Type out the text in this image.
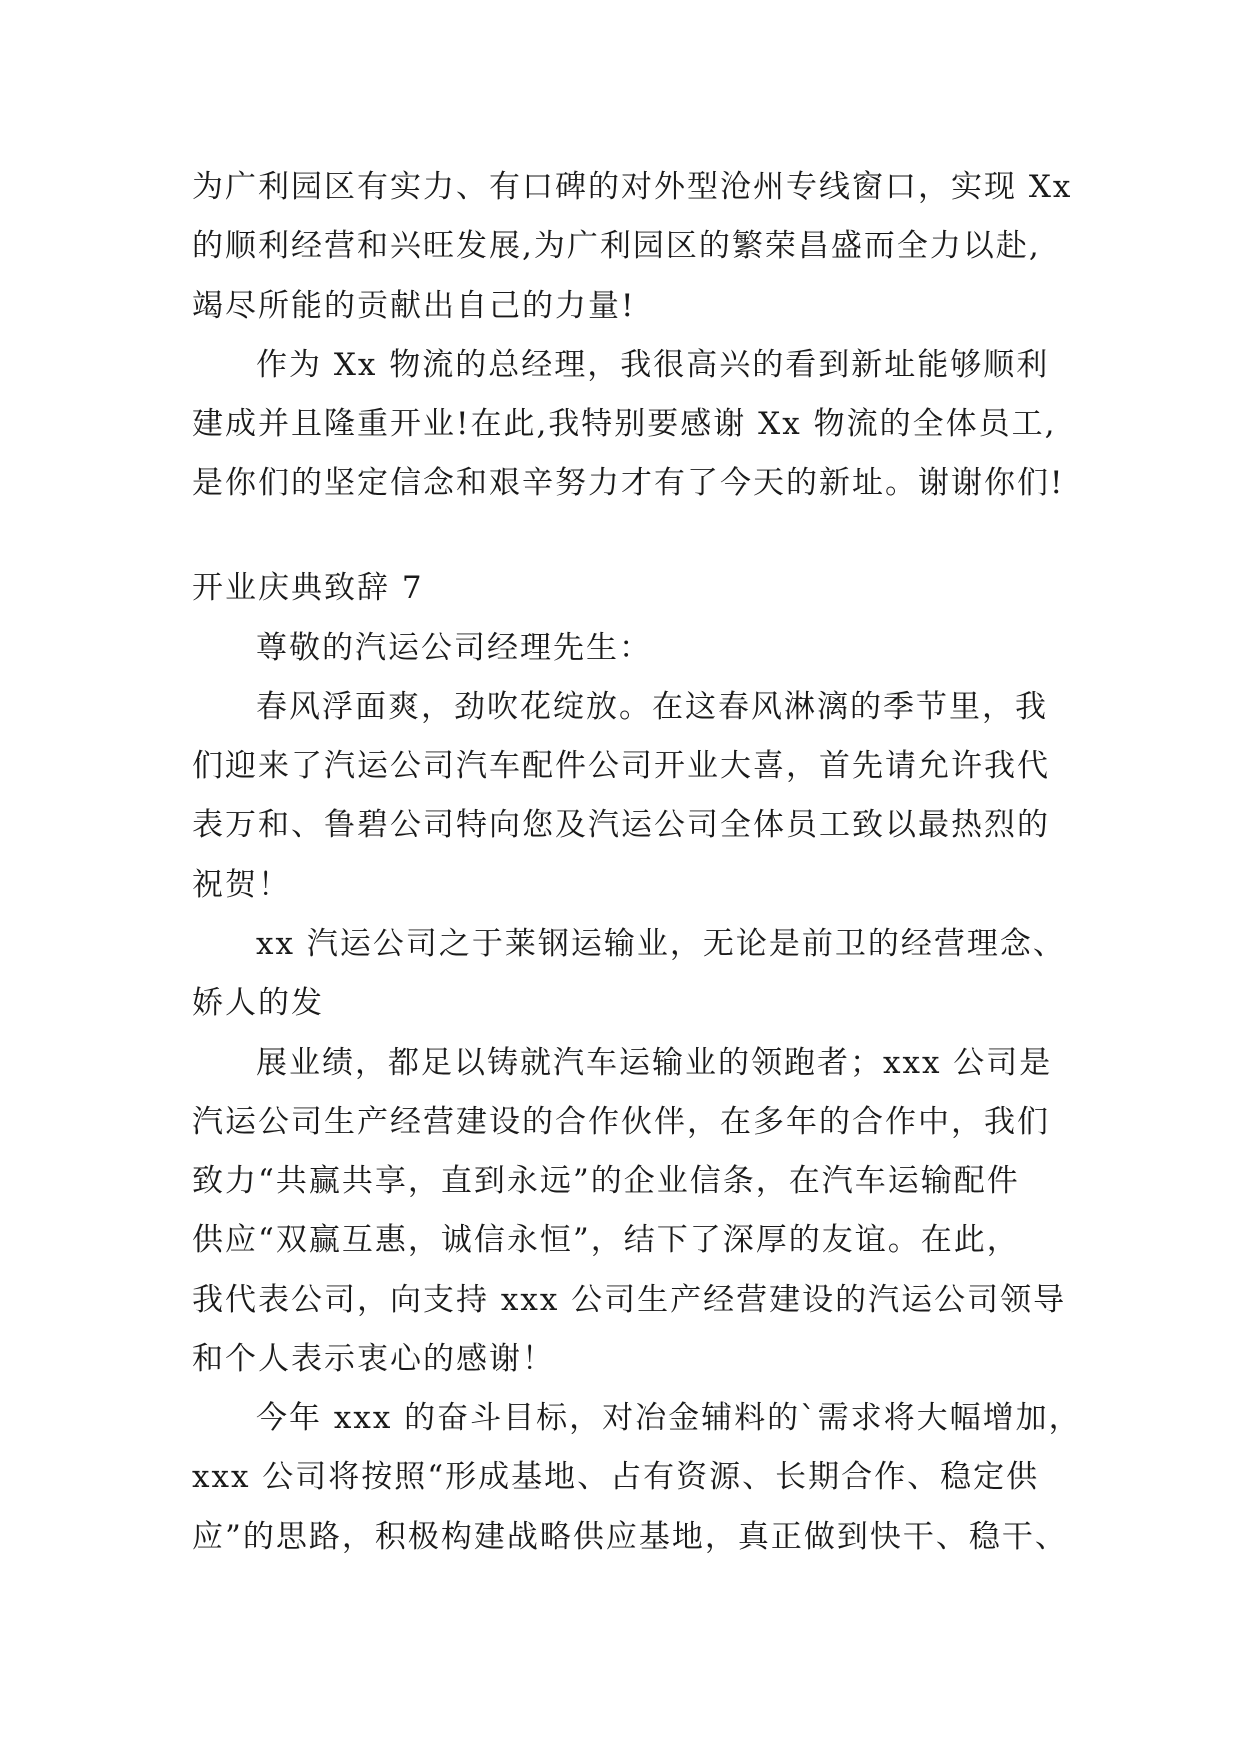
为广利园区有实力、有口碑的对外型沧州专线窗口，实现 Xx
的顺利经营和兴旺发展,为广利园区的繁荣昌盛而全力以赴,
竭尽所能的贡献出自己的力量!
作为 Xx 物流的总经理，我很高兴的看到新址能够顺利
建成并且隆重开业!在此,我特别要感谢 Xx 物流的全体员工,
是你们的坚定信念和艰辛努力才有了今天的新址。谢谢你们!
开业庆典致辞 7
尊敬的汽运公司经理先生：
春风浮面爽，劲吹花绽放。在这春风淋漓的季节里，我
们迎来了汽运公司汽车配件公司开业大喜，首先请允许我代
表万和、鲁碧公司特向您及汽运公司全体员工致以最热烈的
祝贺！
xx 汽运公司之于莱钢运输业，无论是前卫的经营理念、
娇人的发
展业绩，都足以铸就汽车运输业的领跑者；xxx 公司是
汽运公司生产经营建设的合作伙伴，在多年的合作中，我们
致力“共赢共享，直到永远”的企业信条，在汽车运输配件
供应“双赢互惠，诚信永恒”，结下了深厚的友谊。在此，
我代表公司，向支持 xxx 公司生产经营建设的汽运公司领导
和个人表示衷心的感谢！
今年 xxx 的奋斗目标，对冶金辅料的`需求将大幅增加，
xxx 公司将按照“形成基地、占有资源、长期合作、稳定供
应”的思路，积极构建战略供应基地，真正做到快干、稳干、
